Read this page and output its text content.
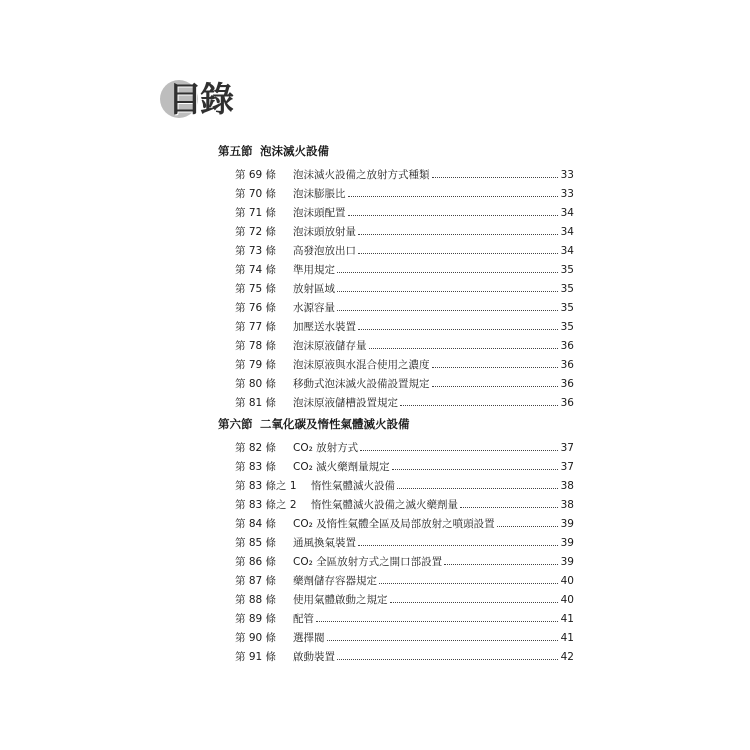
目錄
第五節 泡沫滅火設備
第 69 條	泡沫滅火設備之放射方式種類	33
第 70 條	泡沫膨脹比	33
第 71 條	泡沫頭配置	34
第 72 條	泡沫頭放射量	34
第 73 條	高發泡放出口	34
第 74 條	準用規定	35
第 75 條	放射區域	35
第 76 條	水源容量	35
第 77 條	加壓送水裝置	35
第 78 條	泡沫原液儲存量	36
第 79 條	泡沫原液與水混合使用之濃度	36
第 80 條	移動式泡沫滅火設備設置規定	36
第 81 條	泡沫原液儲槽設置規定	36
第六節 二氧化碳及惰性氣體滅火設備
第 82 條	CO₂ 放射方式	37
第 83 條	CO₂ 滅火藥劑量規定	37
第 83 條之 1	惰性氣體滅火設備	38
第 83 條之 2	惰性氣體滅火設備之滅火藥劑量	38
第 84 條	CO₂ 及惰性氣體全區及局部放射之噴頭設置	39
第 85 條	通風換氣裝置	39
第 86 條	CO₂ 全區放射方式之開口部設置	39
第 87 條	藥劑儲存容器規定	40
第 88 條	使用氣體啟動之規定	40
第 89 條	配管	41
第 90 條	選擇閥	41
第 91 條	啟動裝置	42
